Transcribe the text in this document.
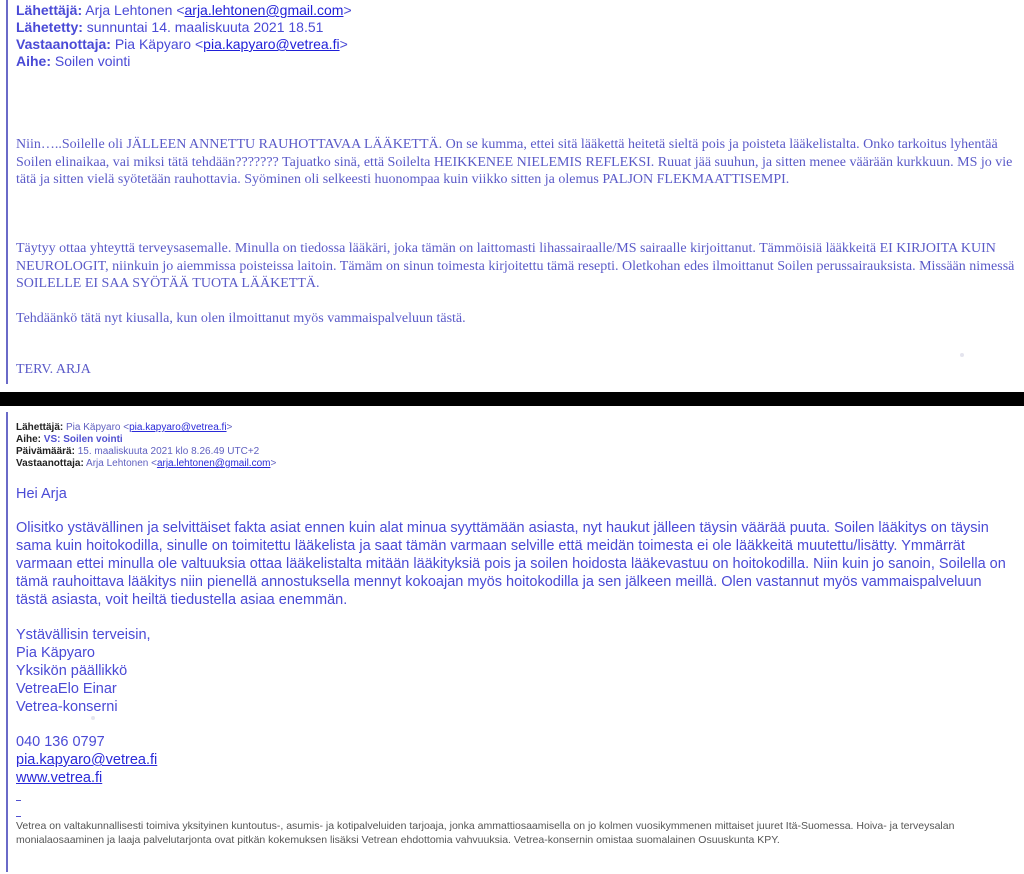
Lähettäjä: Arja Lehtonen <arja.lehtonen@gmail.com>
Lähetetty: sunnuntai 14. maaliskuuta 2021 18.51
Vastaanottaja: Pia Käpyaro <pia.kapyaro@vetrea.fi>
Aihe: Soilen vointi
Niin…..Soilelle oli JÄLLEEN ANNETTU RAUHOTTAVAA LÄÄKETTÄ. On se kumma, ettei sitä lääkettä heitetä sieltä pois ja poisteta lääkelistalta. Onko tarkoitus lyhentää Soilen elinaikaa, vai miksi tätä tehdään??????? Tajuatko sinä, että Soilelta HEIKKENEE NIELEMIS REFLEKSI. Ruuat jää suuhun, ja sitten menee väärään kurkkuun. MS jo vie tätä ja sitten vielä syötetään rauhottavia. Syöminen oli selkeesti huonompaa kuin viikko sitten ja olemus PALJON FLEKMAATTISEMPI.
Täytyy ottaa yhteyttä terveysasemalle. Minulla on tiedossa lääkäri, joka tämän on laittomasti lihassairaalle/MS sairaalle kirjoittanut. Tämmöisiä lääkkeitä EI KIRJOITA KUIN NEUROLOGIT, niinkuin jo aiemmissa poisteissa laitoin. Tämäm on sinun toimesta kirjoitettu tämä resepti. Oletkohan edes ilmoittanut Soilen perussairauksista. Missään nimessä SOILELLE EI SAA SYÖTÄÄ TUOTA LÄÄKETTÄ.
Tehdäänkö tätä nyt kiusalla, kun olen ilmoittanut myös vammaispalveluun tästä.
TERV. ARJA
Lähettäjä: Pia Käpyaro <pia.kapyaro@vetrea.fi>
Aihe: VS: Soilen vointi
Päivämäärä: 15. maaliskuuta 2021 klo 8.26.49 UTC+2
Vastaanottaja: Arja Lehtonen <arja.lehtonen@gmail.com>
Hei Arja
Olisitko ystävällinen ja selvittäiset fakta asiat ennen kuin alat minua syyttämään asiasta, nyt haukut jälleen täysin väärää puuta. Soilen lääkitys on täysin sama kuin hoitokodilla, sinulle on toimitettu lääkelista ja saat tämän varmaan selville että meidän toimesta ei ole lääkkeitä muutettu/lisätty. Ymmärrät varmaan ettei minulla ole valtuuksia ottaa lääkelistalta mitään lääkityksiä pois ja soilen hoidosta lääkevastuu on hoitokodilla. Niin kuin jo sanoin, Soilella on tämä rauhoittava lääkitys niin pienellä annostuksella mennyt kokoajan myös hoitokodilla ja sen jälkeen meillä. Olen vastannut myös vammaispalveluun tästä asiasta, voit heiltä tiedustella asiaa enemmän.
Ystävällisin terveisin,
Pia Käpyaro
Yksikön päällikkö
VetreaElo Einar
Vetrea-konserni
040 136 0797
pia.kapyaro@vetrea.fi
www.vetrea.fi
Vetrea on valtakunnallisesti toimiva yksityinen kuntoutus-, asumis- ja kotipalveluiden tarjoaja, jonka ammattiosaamisella on jo kolmen vuosikymmenen mittaiset juuret Itä-Suomessa. Hoiva- ja terveysalan monialaosaaminen ja laaja palvelutarjonta ovat pitkän kokemuksen lisäksi Vetrean ehdottomia vahvuuksia. Vetrea-konsernin omistaa suomalainen Osuuskunta KPY.
